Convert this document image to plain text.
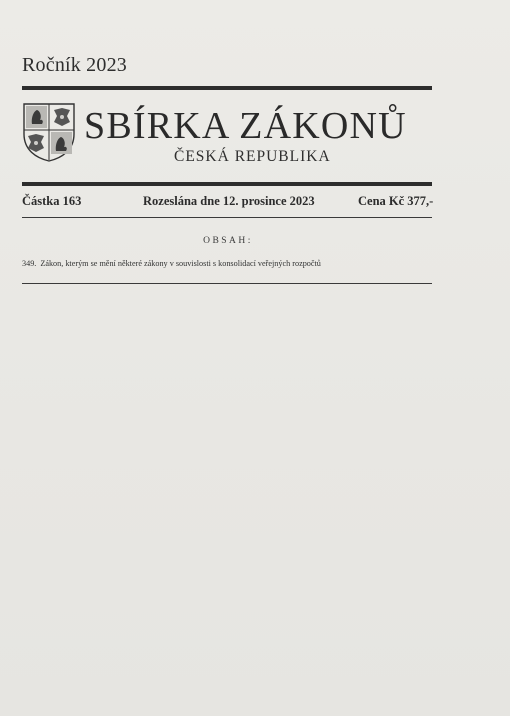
Ročník 2023
SBÍRKA ZÁKONŮ
ČESKÁ REPUBLIKA
Částka 163	Rozeslána dne 12. prosince 2023	Cena Kč 377,-
OBSAH:
349. Zákon, kterým se mění některé zákony v souvislosti s konsolidací veřejných rozpočtů
